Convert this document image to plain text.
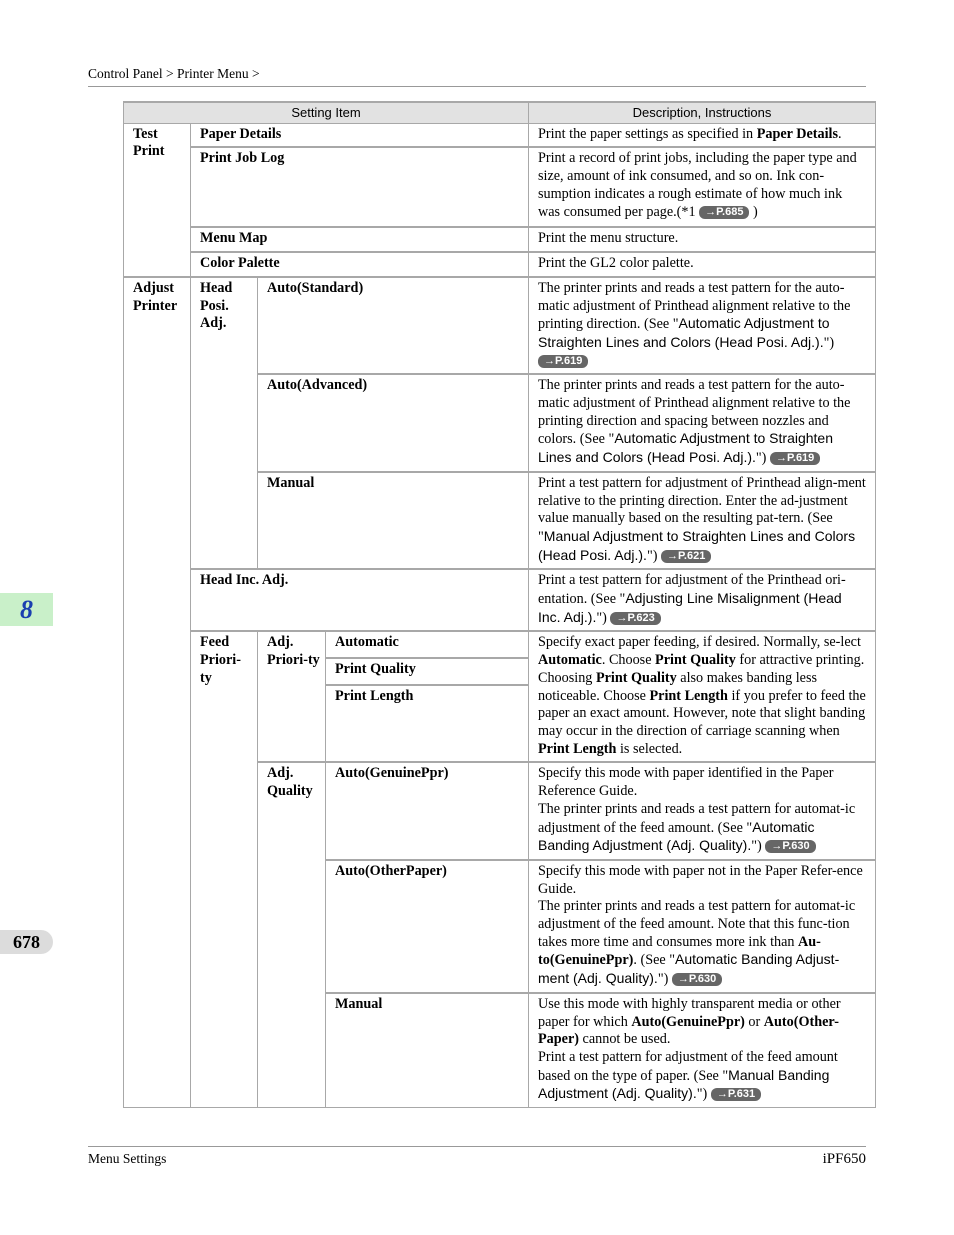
Control Panel > Printer Menu >
8
678
Setting Item				Description, Instructions
Test Print	Paper Details			Print the paper settings as specified in Paper Details.
	Print Job Log			Print a record of print jobs, including the paper type and size, amount of ink consumed, and so on. Ink con-sumption indicates a rough estimate of how much ink was consumed per page.(*1 →P.685 )
	Menu Map			Print the menu structure.
	Color Palette			Print the GL2 color palette.
Adjust Printer	Head Posi. Adj.	Auto(Standard)		The printer prints and reads a test pattern for the auto-matic adjustment of Printhead alignment relative to the printing direction. (See "Automatic Adjustment to Straighten Lines and Colors (Head Posi. Adj.).") →P.619
		Auto(Advanced)		The printer prints and reads a test pattern for the auto-matic adjustment of Printhead alignment relative to the printing direction and spacing between nozzles and colors. (See "Automatic Adjustment to Straighten Lines and Colors (Head Posi. Adj.).") →P.619
		Manual		Print a test pattern for adjustment of Printhead align-ment relative to the printing direction. Enter the ad-justment value manually based on the resulting pat-tern. (See "Manual Adjustment to Straighten Lines and Colors (Head Posi. Adj.).") →P.621
	Head Inc. Adj.			Print a test pattern for adjustment of the Printhead ori-entation. (See "Adjusting Line Misalignment (Head Inc. Adj.).") →P.623
	Feed Priori-ty	Adj. Priori-ty	Automatic	Specify exact paper feeding, if desired. Normally, se-lect Automatic. Choose Print Quality for attractive printing. Choosing Print Quality also makes banding less noticeable. Choose Print Length if you prefer to feed the paper an exact amount. However, note that slight banding may occur in the direction of carriage scanning when Print Length is selected.
			Print Quality	
			Print Length	
		Adj. Quality	Auto(GenuinePpr)	Specify this mode with paper identified in the Paper Reference Guide.
The printer prints and reads a test pattern for automat-ic adjustment of the feed amount. (See "Automatic Banding Adjustment (Adj. Quality).") →P.630
			Auto(OtherPaper)	Specify this mode with paper not in the Paper Refer-ence Guide.
The printer prints and reads a test pattern for automat-ic adjustment of the feed amount. Note that this func-tion takes more time and consumes more ink than Au-to(GenuinePpr). (See "Automatic Banding Adjust-ment (Adj. Quality).") →P.630
			Manual	Use this mode with highly transparent media or other paper for which Auto(GenuinePpr) or Auto(Other-Paper) cannot be used.
Print a test pattern for adjustment of the feed amount based on the type of paper. (See "Manual Banding Adjustment (Adj. Quality).") →P.631
Menu Settings	iPF650
